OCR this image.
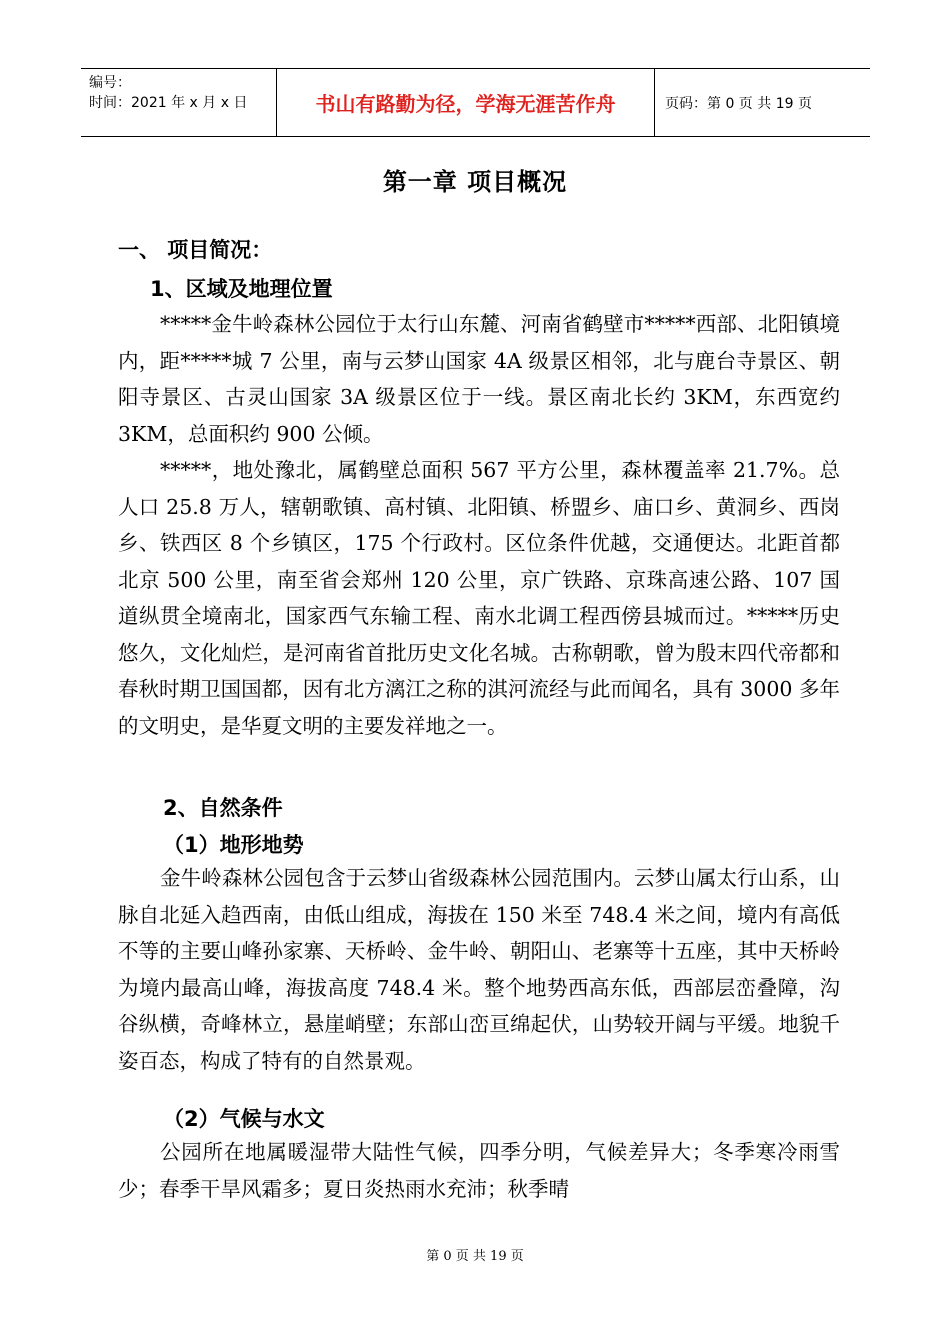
编号：
时间：2021 年 x 月 x 日	书山有路勤为径，学海无涯苦作舟	页码：第 0 页 共 19 页
第一章 项目概况
一、 项目简况：
1、区域及地理位置

*****金牛岭森林公园位于太行山东麓、河南省鹤壁市*****西部、北阳镇境内，距*****城 7 公里，南与云梦山国家 4A 级景区相邻，北与鹿台寺景区、朝阳寺景区、古灵山国家 3A 级景区位于一线。景区南北长约 3KM，东西宽约 3KM，总面积约 900 公倾。

*****，地处豫北，属鹤壁总面积 567 平方公里，森林覆盖率 21.7%。总人口 25.8 万人，辖朝歌镇、高村镇、北阳镇、桥盟乡、庙口乡、黄洞乡、西岗乡、铁西区 8 个乡镇区，175 个行政村。区位条件优越，交通便达。北距首都北京 500 公里，南至省会郑州 120 公里，京广铁路、京珠高速公路、107 国道纵贯全境南北，国家西气东输工程、南水北调工程西傍县城而过。*****历史悠久，文化灿烂，是河南省首批历史文化名城。古称朝歌，曾为殷末四代帝都和春秋时期卫国国都，因有北方漓江之称的淇河流经与此而闻名，具有 3000 多年的文明史，是华夏文明的主要发祥地之一。

2、自然条件
（1）地形地势

金牛岭森林公园包含于云梦山省级森林公园范围内。云梦山属太行山系，山脉自北延入趋西南，由低山组成，海拔在 150 米至 748.4 米之间，境内有高低不等的主要山峰孙家寨、天桥岭、金牛岭、朝阳山、老寨等十五座，其中天桥岭为境内最高山峰，海拔高度 748.4 米。整个地势西高东低，西部层峦叠障，沟谷纵横，奇峰林立，悬崖峭壁；东部山峦亘绵起伏，山势较开阔与平缓。地貌千姿百态，构成了特有的自然景观。

（2）气候与水文

公园所在地属暖湿带大陆性气候，四季分明，气候差异大；冬季寒冷雨雪少；春季干旱风霜多；夏日炎热雨水充沛；秋季晴

第 0 页 共 19 页
